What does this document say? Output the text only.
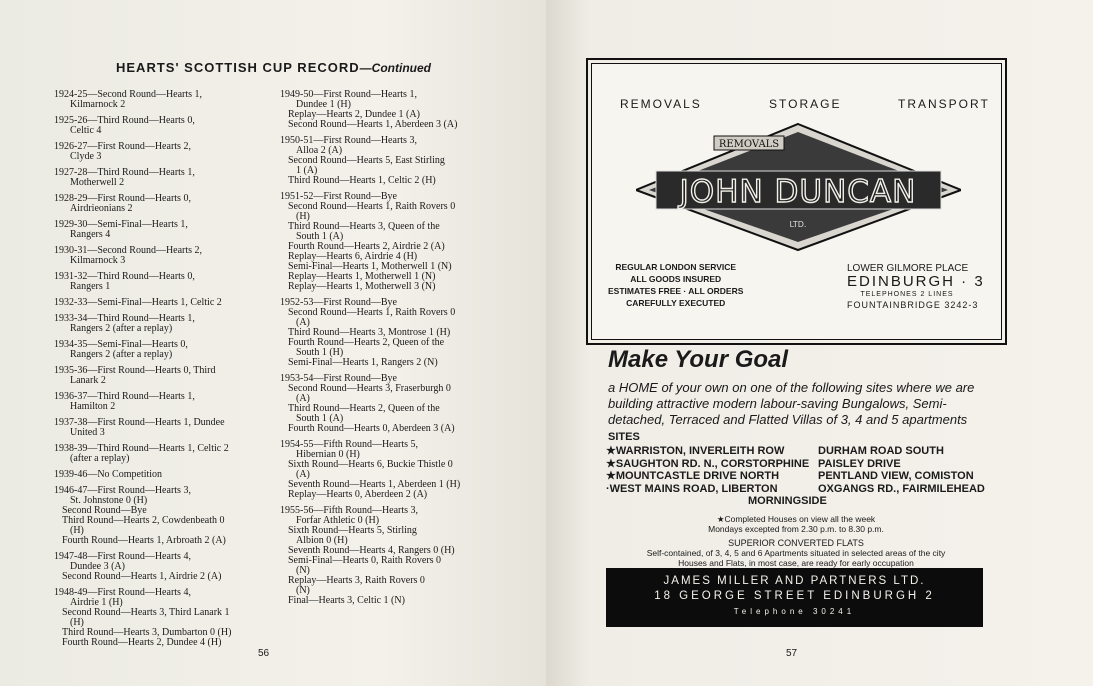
HEARTS' SCOTTISH CUP RECORD—Continued
1924-25—Second Round—Hearts 1,
Kilmarnock 2
1925-26—Third Round—Hearts 0,
Celtic 4
1926-27—First Round—Hearts 2,
Clyde 3
1927-28—Third Round—Hearts 1,
Motherwell 2
1928-29—First Round—Hearts 0,
Airdrieonians 2
1929-30—Semi-Final—Hearts 1,
Rangers 4
1930-31—Second Round—Hearts 2,
Kilmarnock 3
1931-32—Third Round—Hearts 0,
Rangers 1
1932-33—Semi-Final—Hearts 1, Celtic 2
1933-34—Third Round—Hearts 1,
Rangers 2 (after a replay)
1934-35—Semi-Final—Hearts 0,
Rangers 2 (after a replay)
1935-36—First Round—Hearts 0, Third
Lanark 2
1936-37—Third Round—Hearts 1,
Hamilton 2
1937-38—First Round—Hearts 1, Dundee
United 3
1938-39—Third Round—Hearts 1, Celtic 2
(after a replay)
1939-46—No Competition
1946-47—First Round—Hearts 3,
St. Johnstone 0 (H)
Second Round—Bye
Third Round—Hearts 2, Cowdenbeath 0
(H)
Fourth Round—Hearts 1, Arbroath 2 (A)
1947-48—First Round—Hearts 4,
Dundee 3 (A)
Second Round—Hearts 1, Airdrie 2 (A)
1948-49—First Round—Hearts 4,
Airdrie 1 (H)
Second Round—Hearts 3, Third Lanark 1
(H)
Third Round—Hearts 3, Dumbarton 0 (H)
Fourth Round—Hearts 2, Dundee 4 (H)
1949-50—First Round—Hearts 1,
Dundee 1 (H)
Replay—Hearts 2, Dundee 1 (A)
Second Round—Hearts 1, Aberdeen 3 (A)
1950-51—First Round—Hearts 3,
Alloa 2 (A)
Second Round—Hearts 5, East Stirling
1 (A)
Third Round—Hearts 1, Celtic 2 (H)
1951-52—First Round—Bye
Second Round—Hearts 1, Raith Rovers 0
(H)
Third Round—Hearts 3, Queen of the
South 1 (A)
Fourth Round—Hearts 2, Airdrie 2 (A)
Replay—Hearts 6, Airdrie 4 (H)
Semi-Final—Hearts 1, Motherwell 1 (N)
Replay—Hearts 1, Motherwell 1 (N)
Replay—Hearts 1, Motherwell 3 (N)
1952-53—First Round—Bye
Second Round—Hearts 1, Raith Rovers 0
(A)
Third Round—Hearts 3, Montrose 1 (H)
Fourth Round—Hearts 2, Queen of the
South 1 (H)
Semi-Final—Hearts 1, Rangers 2 (N)
1953-54—First Round—Bye
Second Round—Hearts 3, Fraserburgh 0
(A)
Third Round—Hearts 2, Queen of the
South 1 (A)
Fourth Round—Hearts 0, Aberdeen 3 (A)
1954-55—Fifth Round—Hearts 5,
Hibernian 0 (H)
Sixth Round—Hearts 6, Buckie Thistle 0
(A)
Seventh Round—Hearts 1, Aberdeen 1 (H)
Replay—Hearts 0, Aberdeen 2 (A)
1955-56—Fifth Round—Hearts 3,
Forfar Athletic 0 (H)
Sixth Round—Hearts 5, Stirling
Albion 0 (H)
Seventh Round—Hearts 4, Rangers 0 (H)
Semi-Final—Hearts 0, Raith Rovers 0
(N)
Replay—Hearts 3, Raith Rovers 0
(N)
Final—Hearts 3, Celtic 1 (N)
56
REMOVALS	STORAGE	TRANSPORT
REMOVALS
JOHN DUNCAN
LTD.
REGULAR LONDON SERVICE
ALL GOODS INSURED
ESTIMATES FREE · ALL ORDERS
CAREFULLY EXECUTED
LOWER GILMORE PLACE
EDINBURGH · 3
TELEPHONES 2 LINES
FOUNTAINBRIDGE 3242-3
Make Your Goal
a HOME of your own on one of the following sites where we are building attractive modern labour-saving Bungalows, Semi-detached, Terraced and Flatted Villas of 3, 4 and 5 apartments
SITES
★WARRISTON, INVERLEITH ROW
★SAUGHTON RD. N., CORSTORPHINE
★MOUNTCASTLE DRIVE NORTH
·WEST MAINS ROAD, LIBERTON
DURHAM ROAD SOUTH
PAISLEY DRIVE
PENTLAND VIEW, COMISTON
OXGANGS RD., FAIRMILEHEAD
MORNINGSIDE
★Completed Houses on view all the week
Mondays excepted from 2.30 p.m. to 8.30 p.m.
SUPERIOR CONVERTED FLATS
Self-contained, of 3, 4, 5 and 6 Apartments situated in selected areas of the city
Houses and Flats, in most case, are ready for early occupation
JAMES MILLER AND PARTNERS LTD.
18 GEORGE STREET EDINBURGH 2
Telephone 30241
57
